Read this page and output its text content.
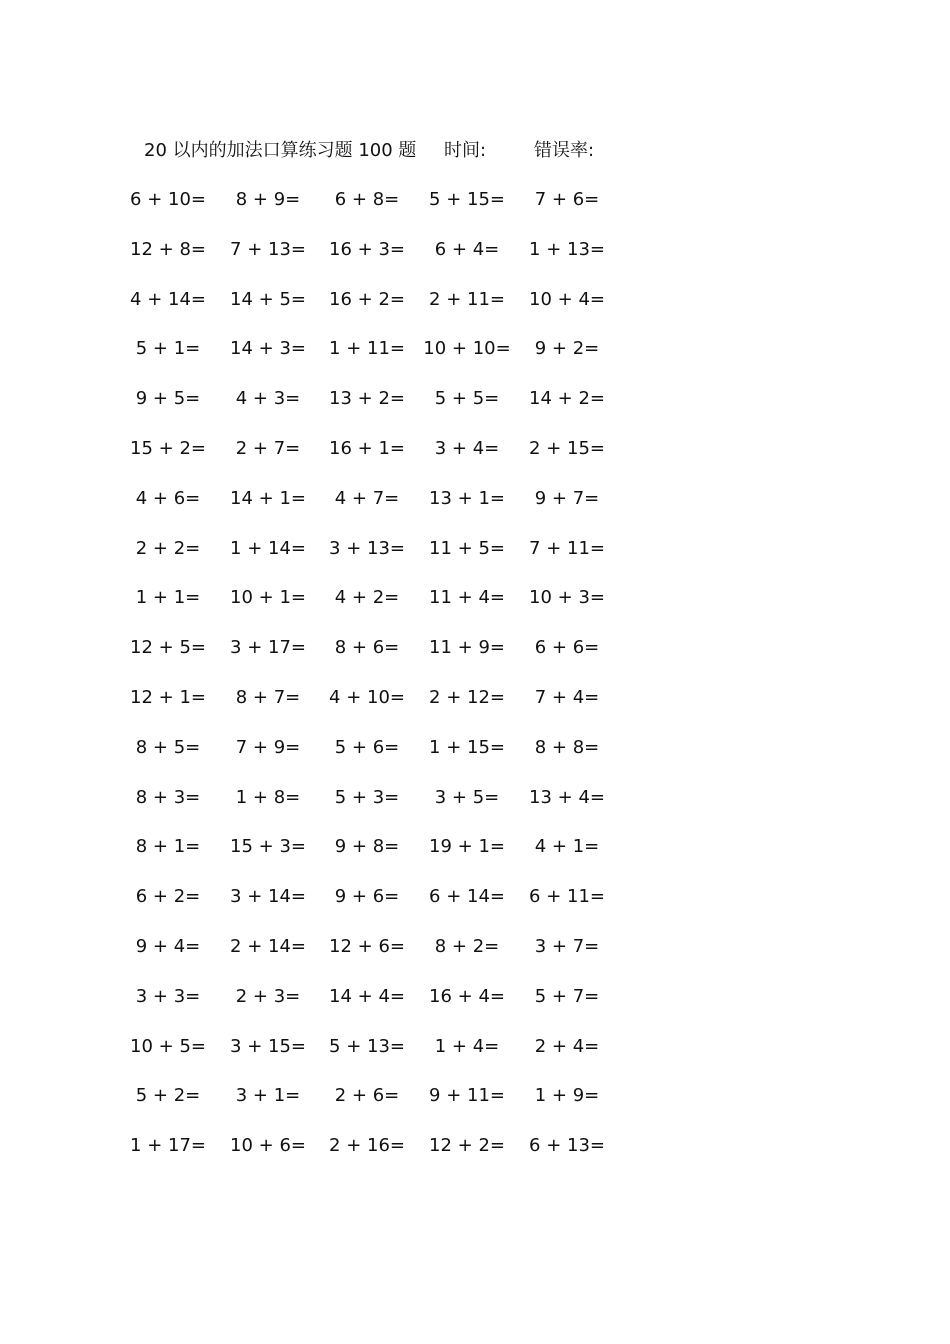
20 以内的加法口算练习题 100 题 时间:	错误率:
6 + 10=	8 + 9=	6 + 8=	5 + 15=	7 + 6=
12 + 8=	7 + 13=	16 + 3=	6 + 4=	1 + 13=
4 + 14=	14 + 5=	16 + 2=	2 + 11=	10 + 4=
5 + 1=	14 + 3=	1 + 11=	10 + 10=	9 + 2=
9 + 5=	4 + 3=	13 + 2=	5 + 5=	14 + 2=
15 + 2=	2 + 7=	16 + 1=	3 + 4=	2 + 15=
4 + 6=	14 + 1=	4 + 7=	13 + 1=	9 + 7=
2 + 2=	1 + 14=	3 + 13=	11 + 5=	7 + 11=
1 + 1=	10 + 1=	4 + 2=	11 + 4=	10 + 3=
12 + 5=	3 + 17=	8 + 6=	11 + 9=	6 + 6=
12 + 1=	8 + 7=	4 + 10=	2 + 12=	7 + 4=
8 + 5=	7 + 9=	5 + 6=	1 + 15=	8 + 8=
8 + 3=	1 + 8=	5 + 3=	3 + 5=	13 + 4=
8 + 1=	15 + 3=	9 + 8=	19 + 1=	4 + 1=
6 + 2=	3 + 14=	9 + 6=	6 + 14=	6 + 11=
9 + 4=	2 + 14=	12 + 6=	8 + 2=	3 + 7=
3 + 3=	2 + 3=	14 + 4=	16 + 4=	5 + 7=
10 + 5=	3 + 15=	5 + 13=	1 + 4=	2 + 4=
5 + 2=	3 + 1=	2 + 6=	9 + 11=	1 + 9=
1 + 17=	10 + 6=	2 + 16=	12 + 2=	6 + 13=
